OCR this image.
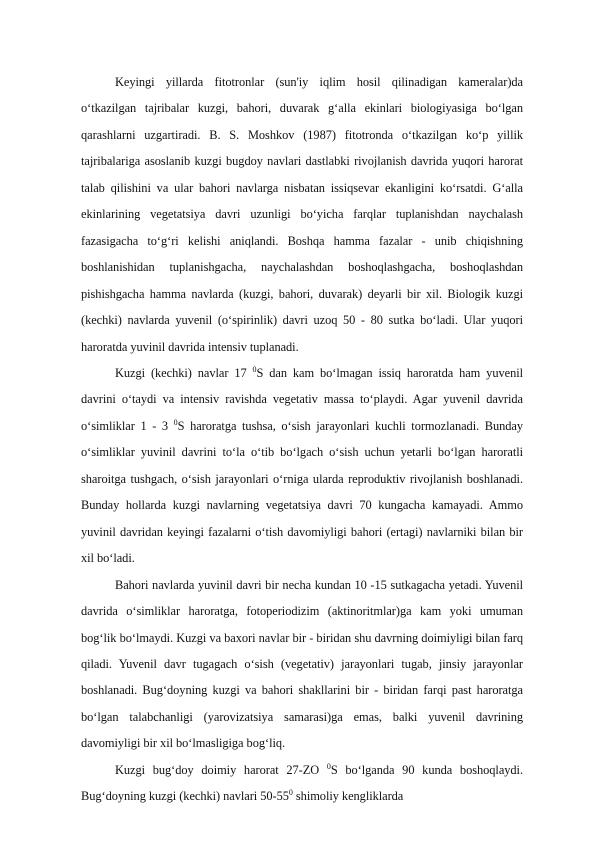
Keyingi yillarda fitotronlar (sun'iy iqlim hosil qilinadigan kameralar)da o‘tkazilgan tajribalar kuzgi, bahori, duvarak g‘alla ekinlari biologiyasiga bo‘lgan qarashlarni uzgartiradi. B. S. Moshkov (1987) fitotronda o‘tkazilgan ko‘p yillik tajribalariga asoslanib kuzgi bugdoy navlari dastlabki rivojlanish davrida yuqori harorat talab qilishini va ular bahori navlarga nisbatan issiqsevar ekanligini ko‘rsatdi. G‘alla ekinlarining vegetatsiya davri uzunligi bo‘yicha farqlar tuplanishdan naychalash fazasigacha to‘g‘ri kelishi aniqlandi. Boshqa hamma fazalar - unib chiqishning boshlanishidan tuplanishgacha, naychalashdan boshoqlashgacha, boshoqlashdan pishishgacha hamma navlarda (kuzgi, bahori, duvarak) deyarli bir xil. Biologik kuzgi (kechki) navlarda yuvenil (o‘spirinlik) davri uzoq 50 - 80 sutka bo‘ladi. Ular yuqori haroratda yuvinil davrida intensiv tuplanadi.

Kuzgi (kechki) navlar 17 $^0$S dan kam bo‘lmagan issiq haroratda ham yuvenil davrini o‘taydi va intensiv ravishda vegetativ massa to‘playdi. Agar yuvenil davrida o‘simliklar 1 - 3 $^0$S haroratga tushsa, o‘sish jarayonlari kuchli tormozlanadi. Bunday o‘simliklar yuvinil davrini to‘la o‘tib bo‘lgach o‘sish uchun yetarli bo‘lgan haroratli sharoitga tushgach, o‘sish jarayonlari o‘rniga ularda reproduktiv rivojlanish boshlanadi. Bunday hollarda kuzgi navlarning vegetatsiya davri 70 kungacha kamayadi. Ammo yuvinil davridan keyingi fazalarni o‘tish davomiyligi bahori (ertagi) navlarniki bilan bir xil bo‘ladi.

Bahori navlarda yuvinil davri bir necha kundan 10 -15 sutkagacha yetadi. Yuvenil davrida o‘simliklar haroratga, fotoperiodizim (aktinoritmlar)ga kam yoki umuman bog‘lik bo‘lmaydi. Kuzgi va baxori navlar bir - biridan shu davrning doimiyligi bilan farq qiladi. Yuvenil davr tugagach o‘sish (vegetativ) jarayonlari tugab, jinsiy jarayonlar boshlanadi. Bug‘doyning kuzgi va bahori shakllarini bir - biridan farqi past haroratga bo‘lgan talabchanligi (yarovizatsiya samarasi)ga emas, balki yuvenil davrining davomiyligi bir xil bo‘lmasligiga bog‘liq.

Kuzgi bug‘doy doimiy harorat 27-ZO $^0$S bo‘lganda 90 kunda boshoqlaydi. Bug‘doyning kuzgi (kechki) navlari $50-55^0$ shimoliy kengliklarda
